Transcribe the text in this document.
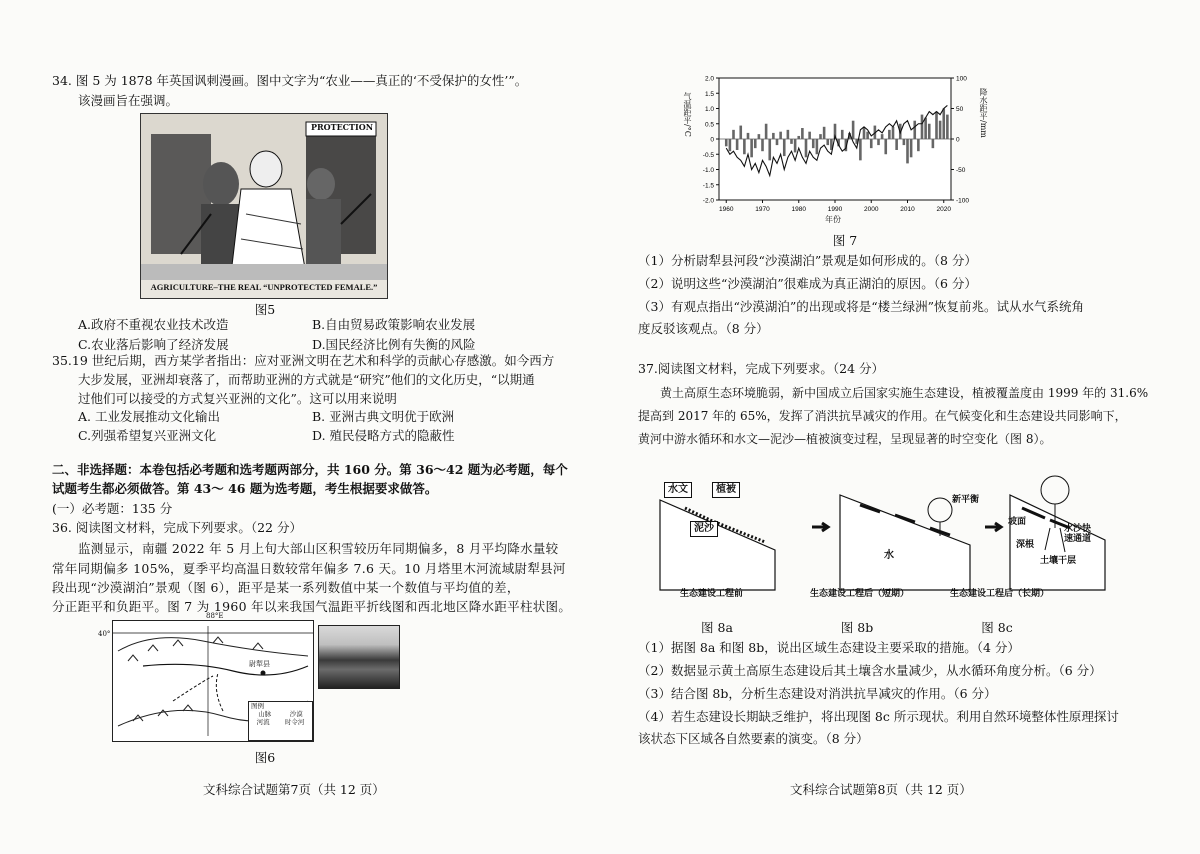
34. 图 5 为 1878 年英国讽刺漫画。图中文字为“农业——真正的‘不受保护的女性’”。
该漫画旨在强调。
PROTECTION
AGRICULTURE–THE REAL “UNPROTECTED FEMALE.”
图5
A.政府不重视农业技术改造	B.自由贸易政策影响农业发展
C.农业落后影响了经济发展	D.国民经济比例有失衡的风险
35.19 世纪后期，西方某学者指出：应对亚洲文明在艺术和科学的贡献心存感激。如今西方
大步发展，亚洲却衰落了，而帮助亚洲的方式就是“研究”他们的文化历史，“以期通
过他们可以接受的方式复兴亚洲的文化”。这可以用来说明
A. 工业发展推动文化输出	B. 亚洲古典文明优于欧洲
C.列强希望复兴亚洲文化	D. 殖民侵略方式的隐蔽性
二、非选择题：本卷包括必考题和选考题两部分，共 160 分。第 36～42 题为必考题，每个
试题考生都必须做答。第 43～ 46 题为选考题，考生根据要求做答。
(一）必考题：135 分
36. 阅读图文材料，完成下列要求。（22 分）
监测显示，南疆 2022 年 5 月上旬大部山区积雪较历年同期偏多，8 月平均降水量较
常年同期偏多 105%，夏季平均高温日数较常年偏多 7.6 天。10 月塔里木河流域尉犁县河
段出现“沙漠湖泊”景观（图 6），距平是某一系列数值中某一个数值与平均值的差，
分正距平和负距平。图 7 为 1960 年以来我国气温距平折线图和西北地区降水距平柱状图。
尉犁县
图例
山脉	沙漠
河流 时令河
40°
88°E
图6
文科综合试题第7页（共 12 页）
2.0
1.5
1.0
0.5
0
-0.5
-1.0
-1.5
-2.0
100
50
0
-50
-100
1960	1970	1980	1990	2000	2010	2020
气温距平/°C	降水距平/mm
年份
图 7
（1）分析尉犁县河段“沙漠湖泊”景观是如何形成的。（8 分）
（2）说明这些“沙漠湖泊”很难成为真正湖泊的原因。（6 分）
（3）有观点指出“沙漠湖泊”的出现或将是“楼兰绿洲”恢复前兆。试从水气系统角
度反驳该观点。（8 分）
37.阅读图文材料，完成下列要求。（24 分）
黄土高原生态环境脆弱，新中国成立后国家实施生态建设，植被覆盖度由 1999 年的 31.6%
提高到 2017 年的 65%，发挥了消洪抗旱减灾的作用。在气候变化和生态建设共同影响下，
黄河中游水循环和水文—泥沙—植被演变过程，呈现显著的时空变化（图 8）。
水文	植被
泥沙
水
新平衡
坡面
深根
水沙快速通道
土壤干层
生态建设工程前	生态建设工程后（短期）	生态建设工程后（长期）
图 8a	图 8b	图 8c
（1）据图 8a 和图 8b，说出区域生态建设主要采取的措施。（4 分）
（2）数据显示黄土高原生态建设后其土壤含水量减少，从水循环角度分析。（6 分）
（3）结合图 8b，分析生态建设对消洪抗旱减灾的作用。（6 分）
（4）若生态建设长期缺乏维护，将出现图 8c 所示现状。利用自然环境整体性原理探讨
该状态下区域各自然要素的演变。（8 分）
文科综合试题第8页（共 12 页）
